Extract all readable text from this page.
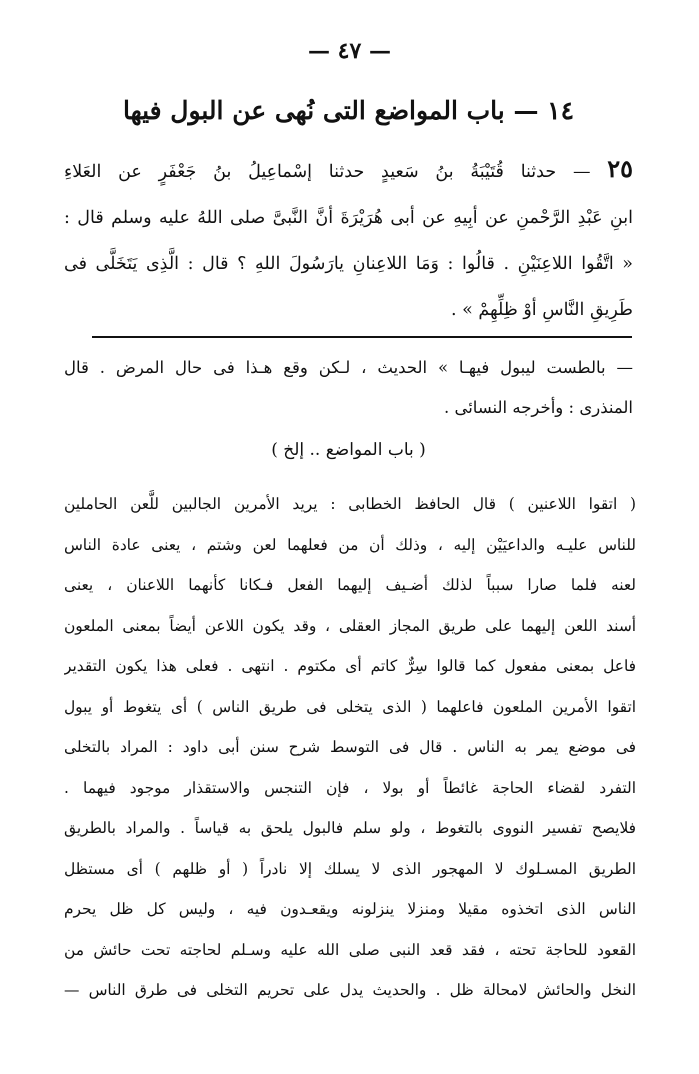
— ٤٧ —
١٤ — باب المواضع التى نُهى عن البول فيها
٢٥ — حدثنا قُتَيْبَةُ بنُ سَعيدٍ حدثنا إسْماعِيلُ بنُ جَعْفَرٍ عن العَلاءِ
ابنِ عَبْدِ الرَّحْمنِ عن أبِيهِ عن أبى هُرَيْرَةَ أنَّ النَّبىَّ صلى اللهُ عليه وسلم قال :
« اتَّقُوا اللاعِنَيْنِ . قالُوا : وَمَا اللاعِنانِ يارَسُولَ اللهِ ؟ قال : الَّذِى يَتَخَلَّى فى
طَرِيقِ النَّاسِ أوْ ظِلِّهِمْ » .
— بالطست ليبول فيهـا » الحديث ، لـكن وقع هـذا فى حال المرض . قال
المنذرى : وأخرجه النسائى .
( باب المواضع .. إلخ )
( اتقوا اللاعنين ) قال الحافظ الخطابى : يريد الأمرين الجالبين للَّعن الحاملين
للناس عليـه والداعيَيْن إليه ، وذلك أن من فعلهما لعن وشتم ، يعنى عادة الناس
لعنه فلما صارا سبباً لذلك أضـيف إليهما الفعل فـكانا كأنهما اللاعنان ، يعنى
أسند اللعن إليهما على طريق المجاز العقلى ، وقد يكون اللاعن أيضاً بمعنى الملعون
فاعل بمعنى مفعول كما قالوا سِرٌّ كاتم أى مكتوم . انتهى . فعلى هذا يكون التقدير
اتقوا الأمرين الملعون فاعلهما ( الذى يتخلى فى طريق الناس ) أى يتغوط أو يبول
فى موضع يمر به الناس . قال فى التوسط شرح سنن أبى داود : المراد بالتخلى
التفرد لقضاء الحاجة غائطاً أو بولا ، فإن التنجس والاستقذار موجود فيهما .
فلايصح تفسير النووى بالتغوط ، ولو سلم فالبول يلحق به قياساً . والمراد بالطريق
الطريق المسـلوك لا المهجور الذى لا يسلك إلا نادراً ( أو ظلهم ) أى مستظل
الناس الذى اتخذوه مقيلا ومنزلا ينزلونه ويقعـدون فيه ، وليس كل ظل يحرم
القعود للحاجة تحته ، فقد قعد النبى صلى الله عليه وسـلم لحاجته تحت حائش من
النخل والحائش لامحالة ظل . والحديث يدل على تحريم التخلى فى طرق الناس —
